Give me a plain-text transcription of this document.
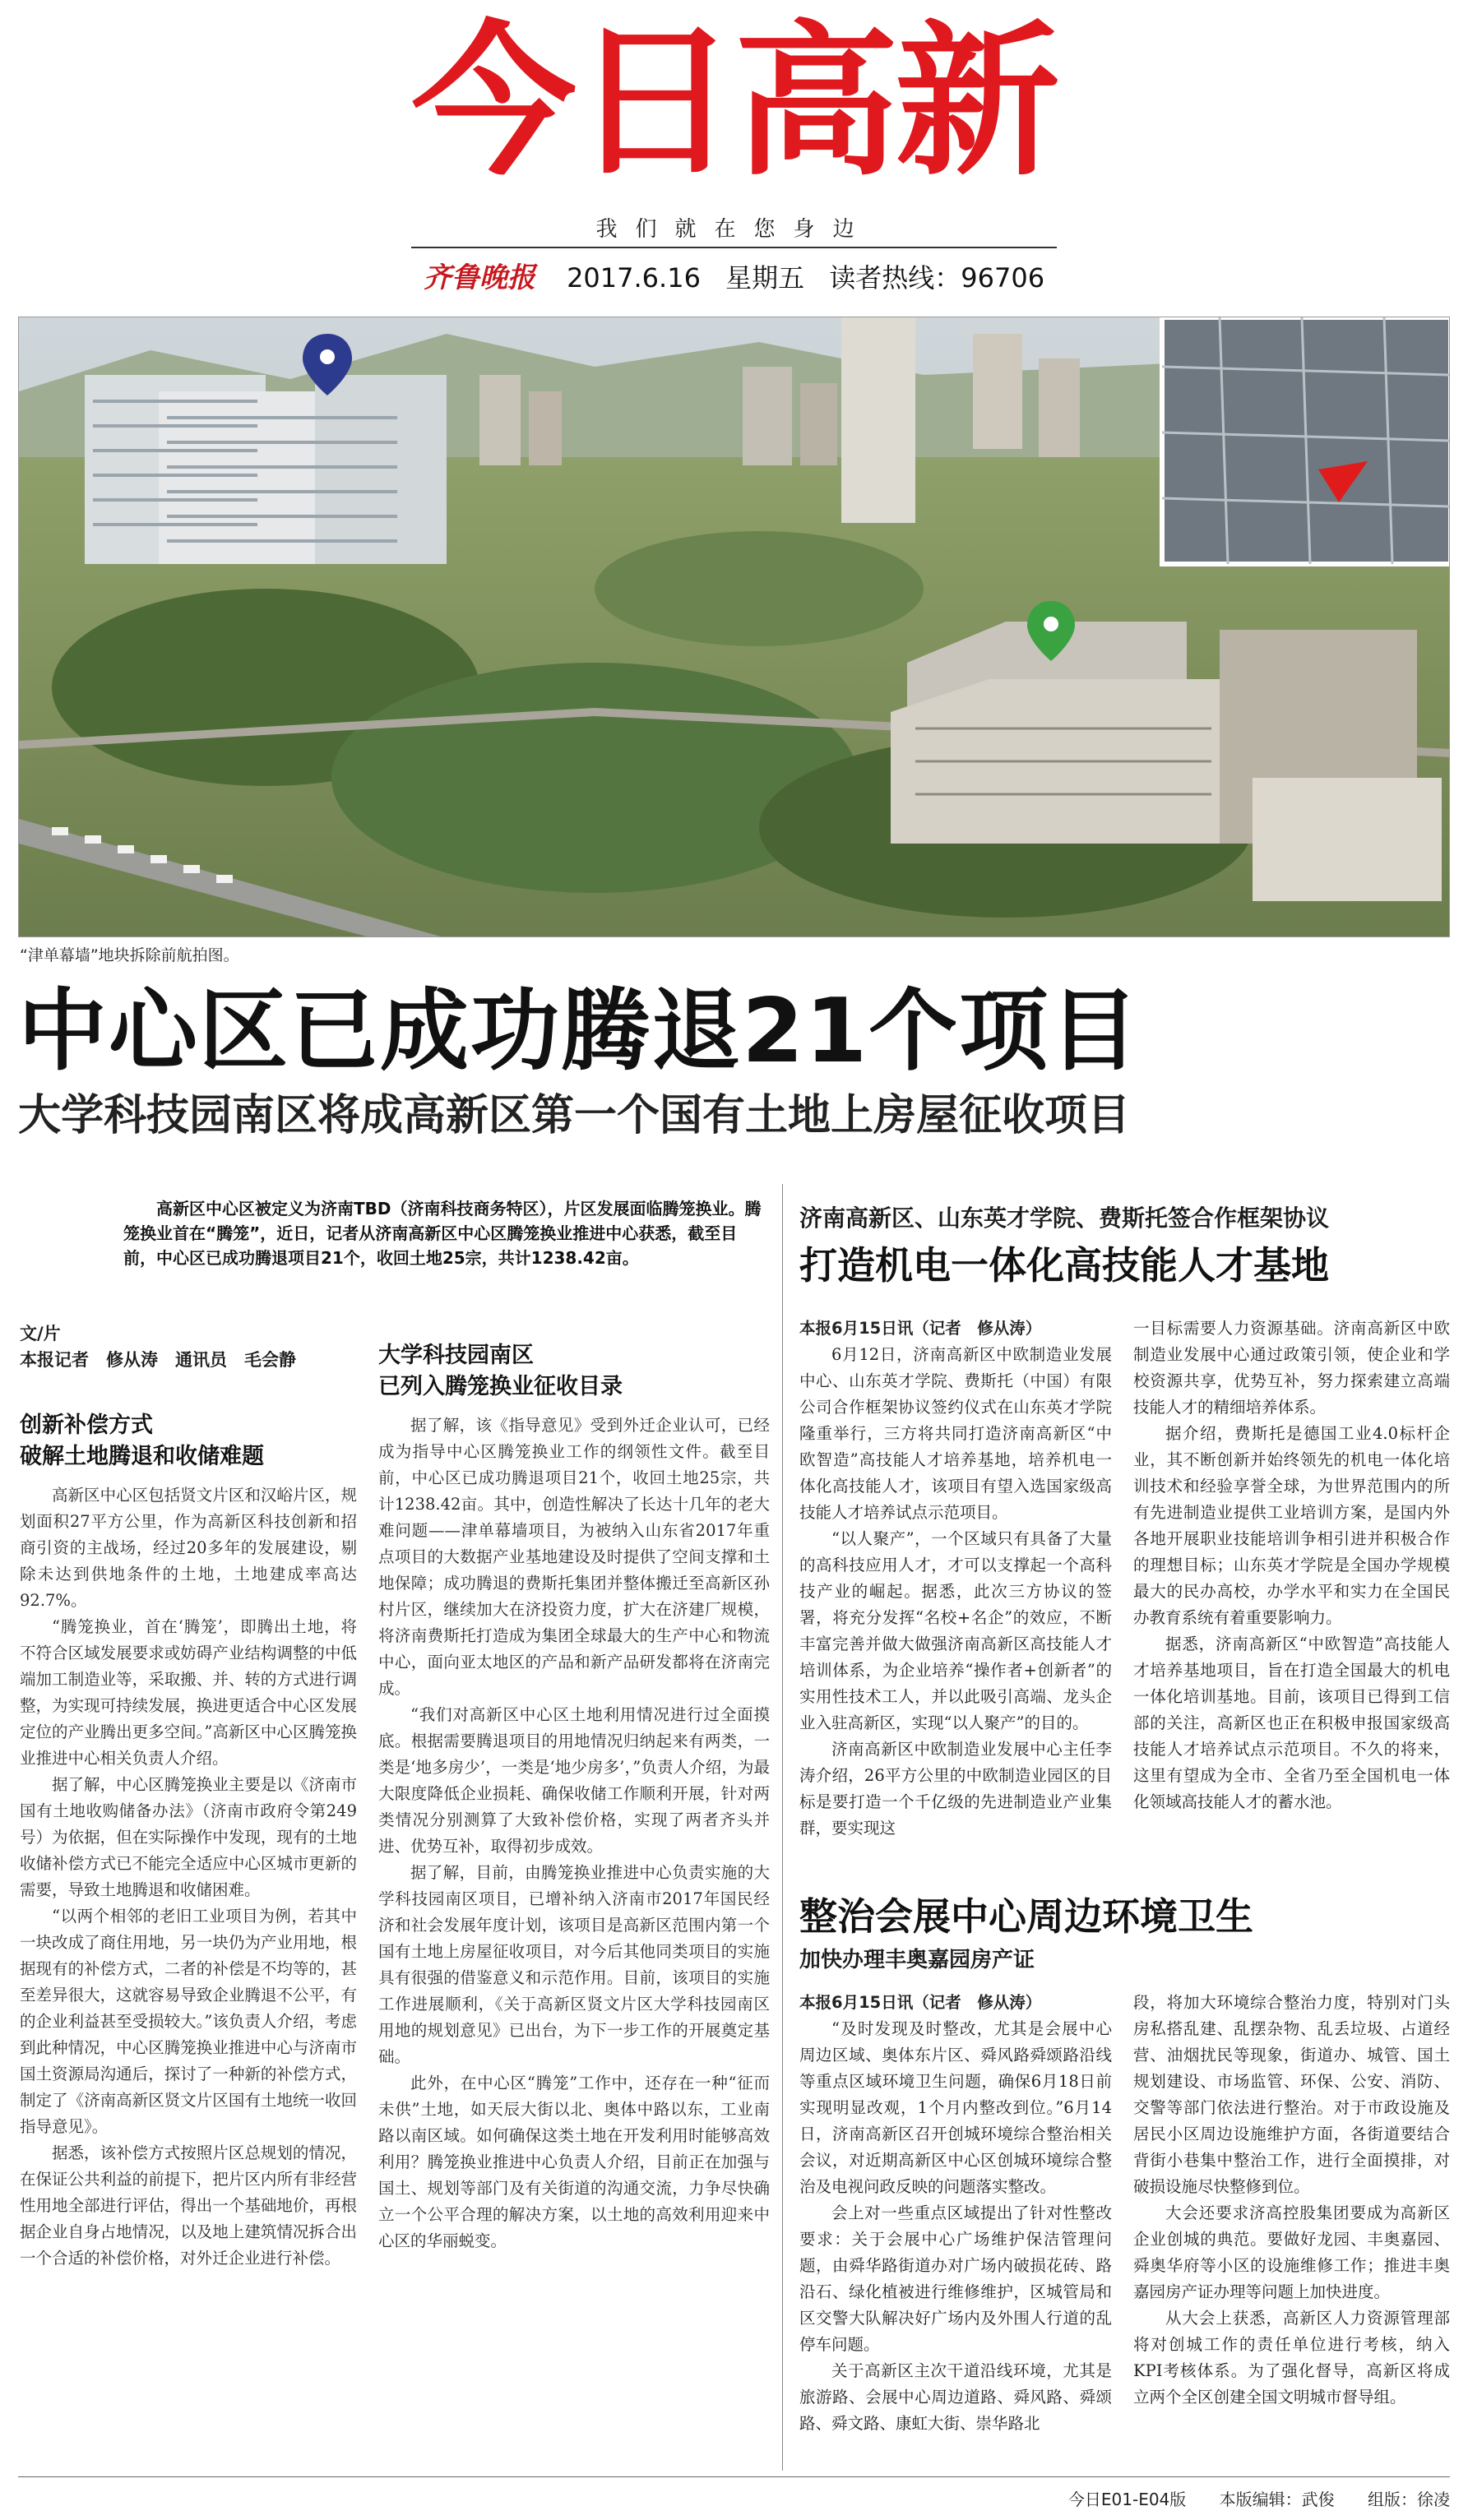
今日高新
我们就在您身边
齐鲁晚报 2017.6.16 星期五 读者热线：96706
“津单幕墙”地块拆除前航拍图。
中心区已成功腾退21个项目
大学科技园南区将成高新区第一个国有土地上房屋征收项目
高新区中心区被定义为济南TBD（济南科技商务特区），片区发展面临腾笼换业。腾笼换业首在“腾笼”，近日，记者从济南高新区中心区腾笼换业推进中心获悉，截至目前，中心区已成功腾退项目21个，收回土地25宗，共计1238.42亩。
文/片
本报记者　修从涛　通讯员　毛会静
创新补偿方式
破解土地腾退和收储难题

高新区中心区包括贤文片区和汉峪片区，规划面积27平方公里，作为高新区科技创新和招商引资的主战场，经过20多年的发展建设，剔除未达到供地条件的土地，土地建成率高达92.7%。

“腾笼换业，首在‘腾笼’，即腾出土地，将不符合区域发展要求或妨碍产业结构调整的中低端加工制造业等，采取搬、并、转的方式进行调整，为实现可持续发展，换进更适合中心区发展定位的产业腾出更多空间。”高新区中心区腾笼换业推进中心相关负责人介绍。

据了解，中心区腾笼换业主要是以《济南市国有土地收购储备办法》（济南市政府令第249号）为依据，但在实际操作中发现，现有的土地收储补偿方式已不能完全适应中心区城市更新的需要，导致土地腾退和收储困难。

“以两个相邻的老旧工业项目为例，若其中一块改成了商住用地，另一块仍为产业用地，根据现有的补偿方式，二者的补偿是不均等的，甚至差异很大，这就容易导致企业腾退不公平，有的企业利益甚至受损较大。”该负责人介绍，考虑到此种情况，中心区腾笼换业推进中心与济南市国土资源局沟通后，探讨了一种新的补偿方式，制定了《济南高新区贤文片区国有土地统一收回指导意见》。

据悉，该补偿方式按照片区总规划的情况，在保证公共利益的前提下，把片区内所有非经营性用地全部进行评估，得出一个基础地价，再根据企业自身占地情况，以及地上建筑情况拆合出一个合适的补偿价格，对外迁企业进行补偿。

大学科技园南区
已列入腾笼换业征收目录

据了解，该《指导意见》受到外迁企业认可，已经成为指导中心区腾笼换业工作的纲领性文件。截至目前，中心区已成功腾退项目21个，收回土地25宗，共计1238.42亩。其中，创造性解决了长达十几年的老大难问题——津单幕墙项目，为被纳入山东省2017年重点项目的大数据产业基地建设及时提供了空间支撑和土地保障；成功腾退的费斯托集团并整体搬迁至高新区孙村片区，继续加大在济投资力度，扩大在济建厂规模，将济南费斯托打造成为集团全球最大的生产中心和物流中心，面向亚太地区的产品和新产品研发都将在济南完成。

“我们对高新区中心区土地利用情况进行过全面摸底。根据需要腾退项目的用地情况归纳起来有两类，一类是‘地多房少’，一类是‘地少房多’，”负责人介绍，为最大限度降低企业损耗、确保收储工作顺利开展，针对两类情况分别测算了大致补偿价格，实现了两者齐头并进、优势互补，取得初步成效。

据了解，目前，由腾笼换业推进中心负责实施的大学科技园南区项目，已增补纳入济南市2017年国民经济和社会发展年度计划，该项目是高新区范围内第一个国有土地上房屋征收项目，对今后其他同类项目的实施具有很强的借鉴意义和示范作用。目前，该项目的实施工作进展顺利，《关于高新区贤文片区大学科技园南区用地的规划意见》已出台，为下一步工作的开展奠定基础。

此外，在中心区“腾笼”工作中，还存在一种“征而未供”土地，如天辰大街以北、奥体中路以东，工业南路以南区域。如何确保这类土地在开发利用时能够高效利用？腾笼换业推进中心负责人介绍，目前正在加强与国土、规划等部门及有关街道的沟通交流，力争尽快确立一个公平合理的解决方案，以土地的高效利用迎来中心区的华丽蜕变。

济南高新区、山东英才学院、费斯托签合作框架协议
打造机电一体化高技能人才基地

本报6月15日讯（记者　修从涛）

6月12日，济南高新区中欧制造业发展中心、山东英才学院、费斯托（中国）有限公司合作框架协议签约仪式在山东英才学院隆重举行，三方将共同打造济南高新区“中欧智造”高技能人才培养基地，培养机电一体化高技能人才，该项目有望入选国家级高技能人才培养试点示范项目。

“以人聚产”，一个区域只有具备了大量的高科技应用人才，才可以支撑起一个高科技产业的崛起。据悉，此次三方协议的签署，将充分发挥“名校+名企”的效应，不断丰富完善并做大做强济南高新区高技能人才培训体系，为企业培养“操作者+创新者”的实用性技术工人，并以此吸引高端、龙头企业入驻高新区，实现“以人聚产”的目的。

济南高新区中欧制造业发展中心主任李涛介绍，26平方公里的中欧制造业园区的目标是要打造一个千亿级的先进制造业产业集群，要实现这

一目标需要人力资源基础。济南高新区中欧制造业发展中心通过政策引领，使企业和学校资源共享，优势互补，努力探索建立高端技能人才的精细培养体系。

据介绍，费斯托是德国工业4.0标杆企业，其不断创新并始终领先的机电一体化培训技术和经验享誉全球，为世界范围内的所有先进制造业提供工业培训方案，是国内外各地开展职业技能培训争相引进并积极合作的理想目标；山东英才学院是全国办学规模最大的民办高校，办学水平和实力在全国民办教育系统有着重要影响力。

据悉，济南高新区“中欧智造”高技能人才培养基地项目，旨在打造全国最大的机电一体化培训基地。目前，该项目已得到工信部的关注，高新区也正在积极申报国家级高技能人才培养试点示范项目。不久的将来，这里有望成为全市、全省乃至全国机电一体化领域高技能人才的蓄水池。

整治会展中心周边环境卫生
加快办理丰奥嘉园房产证

本报6月15日讯（记者　修从涛）

“及时发现及时整改，尤其是会展中心周边区域、奥体东片区、舜风路舜颂路沿线等重点区域环境卫生问题，确保6月18日前实现明显改观，1个月内整改到位。”6月14日，济南高新区召开创城环境综合整治相关会议，对近期高新区中心区创城环境综合整治及电视问政反映的问题落实整改。

会上对一些重点区域提出了针对性整改要求：关于会展中心广场维护保洁管理问题，由舜华路街道办对广场内破损花砖、路沿石、绿化植被进行维修维护，区城管局和区交警大队解决好广场内及外围人行道的乱停车问题。

关于高新区主次干道沿线环境，尤其是旅游路、会展中心周边道路、舜风路、舜颂路、舜文路、康虹大街、崇华路北

段，将加大环境综合整治力度，特别对门头房私搭乱建、乱摆杂物、乱丢垃圾、占道经营、油烟扰民等现象，街道办、城管、国土规划建设、市场监管、环保、公安、消防、交警等部门依法进行整治。对于市政设施及居民小区周边设施维护方面，各街道要结合背街小巷集中整治工作，进行全面摸排，对破损设施尽快整修到位。

大会还要求济高控股集团要成为高新区企业创城的典范。要做好龙园、丰奥嘉园、舜奥华府等小区的设施维修工作；推进丰奥嘉园房产证办理等问题上加快进度。

从大会上获悉，高新区人力资源管理部将对创城工作的责任单位进行考核，纳入KPI考核体系。为了强化督导，高新区将成立两个全区创建全国文明城市督导组。

今日E01-E04版 本版编辑：武俊 组版：徐凌
